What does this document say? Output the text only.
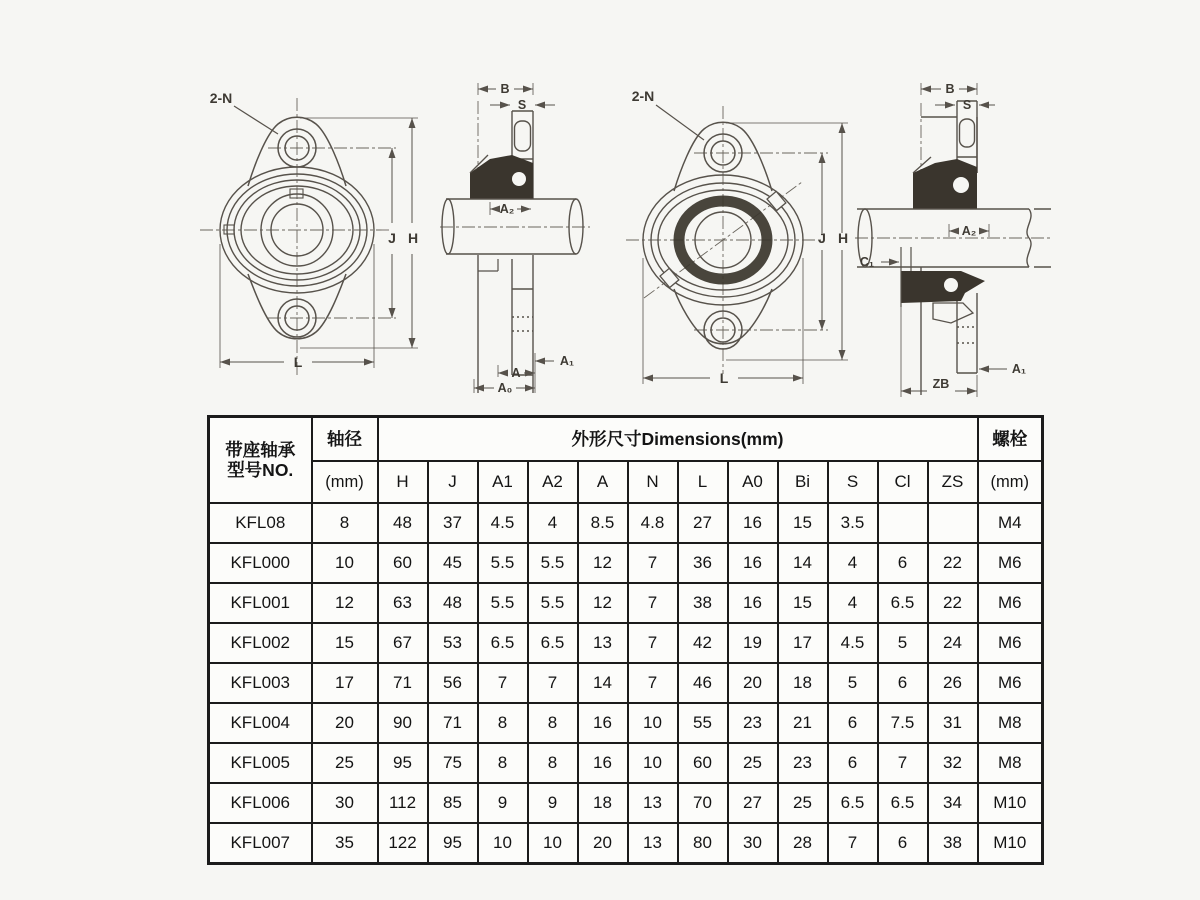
2-N
J H
L
B
S
A₂
A₁
A
A₀
2-N
J H
L
B
S
A₂
C₁
A₁
ZB
带座轴承
型号NO.	轴径	外形尺寸Dimensions(mm)												螺栓
	(mm)	H	J	A1	A2	A	N	L	A0	Bi	S	Cl	ZS	(mm)
KFL08	8	48	37	4.5	4	8.5	4.8	27	16	15	3.5			M4
KFL000	10	60	45	5.5	5.5	12	7	36	16	14	4	6	22	M6
KFL001	12	63	48	5.5	5.5	12	7	38	16	15	4	6.5	22	M6
KFL002	15	67	53	6.5	6.5	13	7	42	19	17	4.5	5	24	M6
KFL003	17	71	56	7	7	14	7	46	20	18	5	6	26	M6
KFL004	20	90	71	8	8	16	10	55	23	21	6	7.5	31	M8
KFL005	25	95	75	8	8	16	10	60	25	23	6	7	32	M8
KFL006	30	112	85	9	9	18	13	70	27	25	6.5	6.5	34	M10
KFL007	35	122	95	10	10	20	13	80	30	28	7	6	38	M10
